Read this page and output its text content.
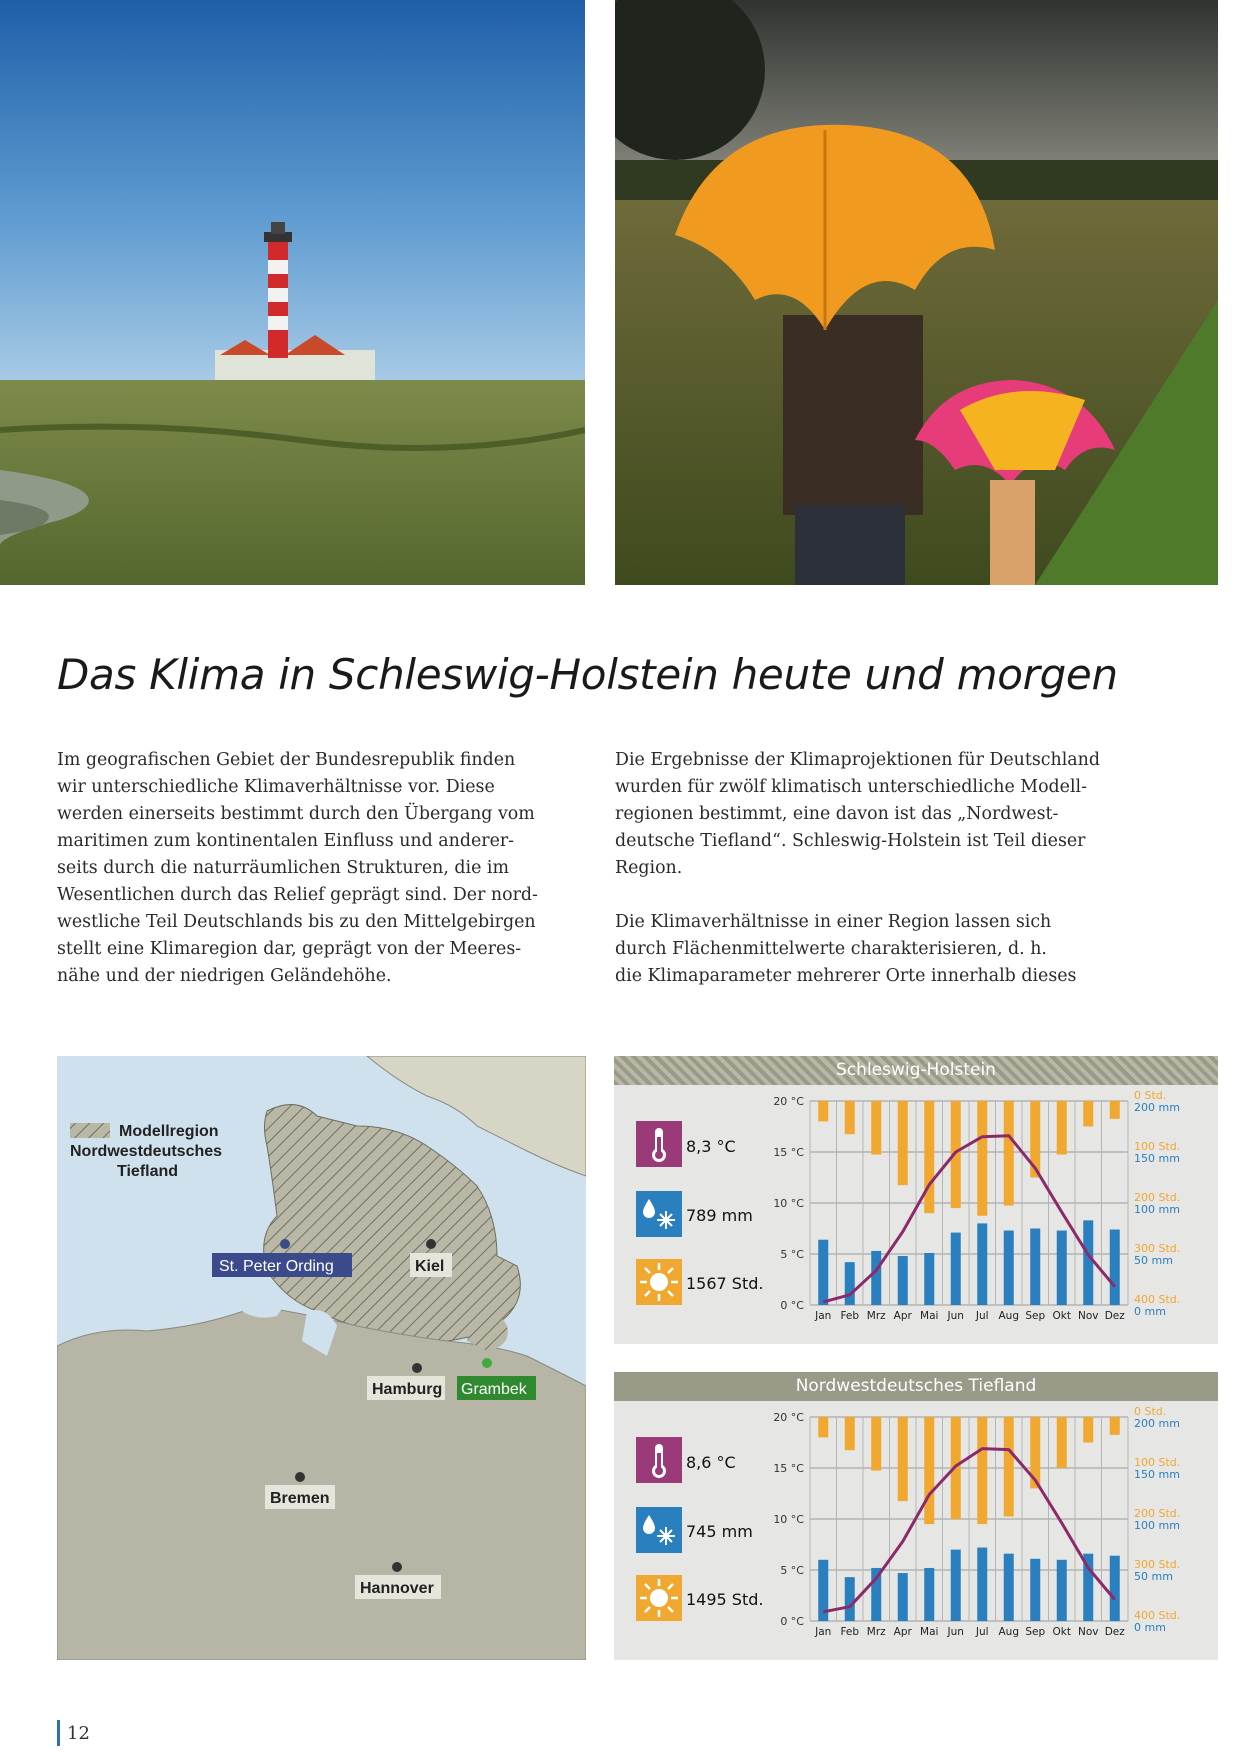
Das Klima in Schleswig-Holstein heute und morgen

Im geografischen Gebiet der Bundesrepublik finden
wir unterschiedliche Klimaverhältnisse vor. Diese
werden einerseits bestimmt durch den Übergang vom
maritimen zum kontinentalen Einfluss und anderer-
seits durch die naturräumlichen Strukturen, die im
Wesentlichen durch das Relief geprägt sind. Der nord-
westliche Teil Deutschlands bis zu den Mittelgebirgen
stellt eine Klimaregion dar, geprägt von der Meeres-
nähe und der niedrigen Geländehöhe.

Die Ergebnisse der Klimaprojektionen für Deutschland
wurden für zwölf klimatisch unterschiedliche Modell-
regionen bestimmt, eine davon ist das „Nordwest-
deutsche Tiefland“. Schleswig-Holstein ist Teil dieser
Region.

Die Klimaverhältnisse in einer Region lassen sich
durch Flächenmittelwerte charakterisieren, d. h.
die Klimaparameter mehrerer Orte innerhalb dieses

Modellregion
Nordwestdeutsches
Tiefland
St. Peter Ording	Kiel
Hamburg Grambek
Bremen
Hannover
Schleswig-Holstein
8,3 °C
789 mm
1567 Std.
0 °C
5 °C
10 °C
15 °C
20 °C	0 Std.
200 mm
100 Std.
150 mm
200 Std.
100 mm
300 Std.
50 mm
400 Std.
0 mm
Jan Feb Mrz Apr Mai Jun Jul Aug Sep Okt Nov Dez
Nordwestdeutsches Tiefland
8,6 °C
745 mm
1495 Std.
0 °C
5 °C
10 °C
15 °C
20 °C	0 Std.
200 mm
100 Std.
150 mm
200 Std.
100 mm
300 Std.
50 mm
400 Std.
0 mm
Jan Feb Mrz Apr Mai Jun Jul Aug Sep Okt Nov Dez
12
